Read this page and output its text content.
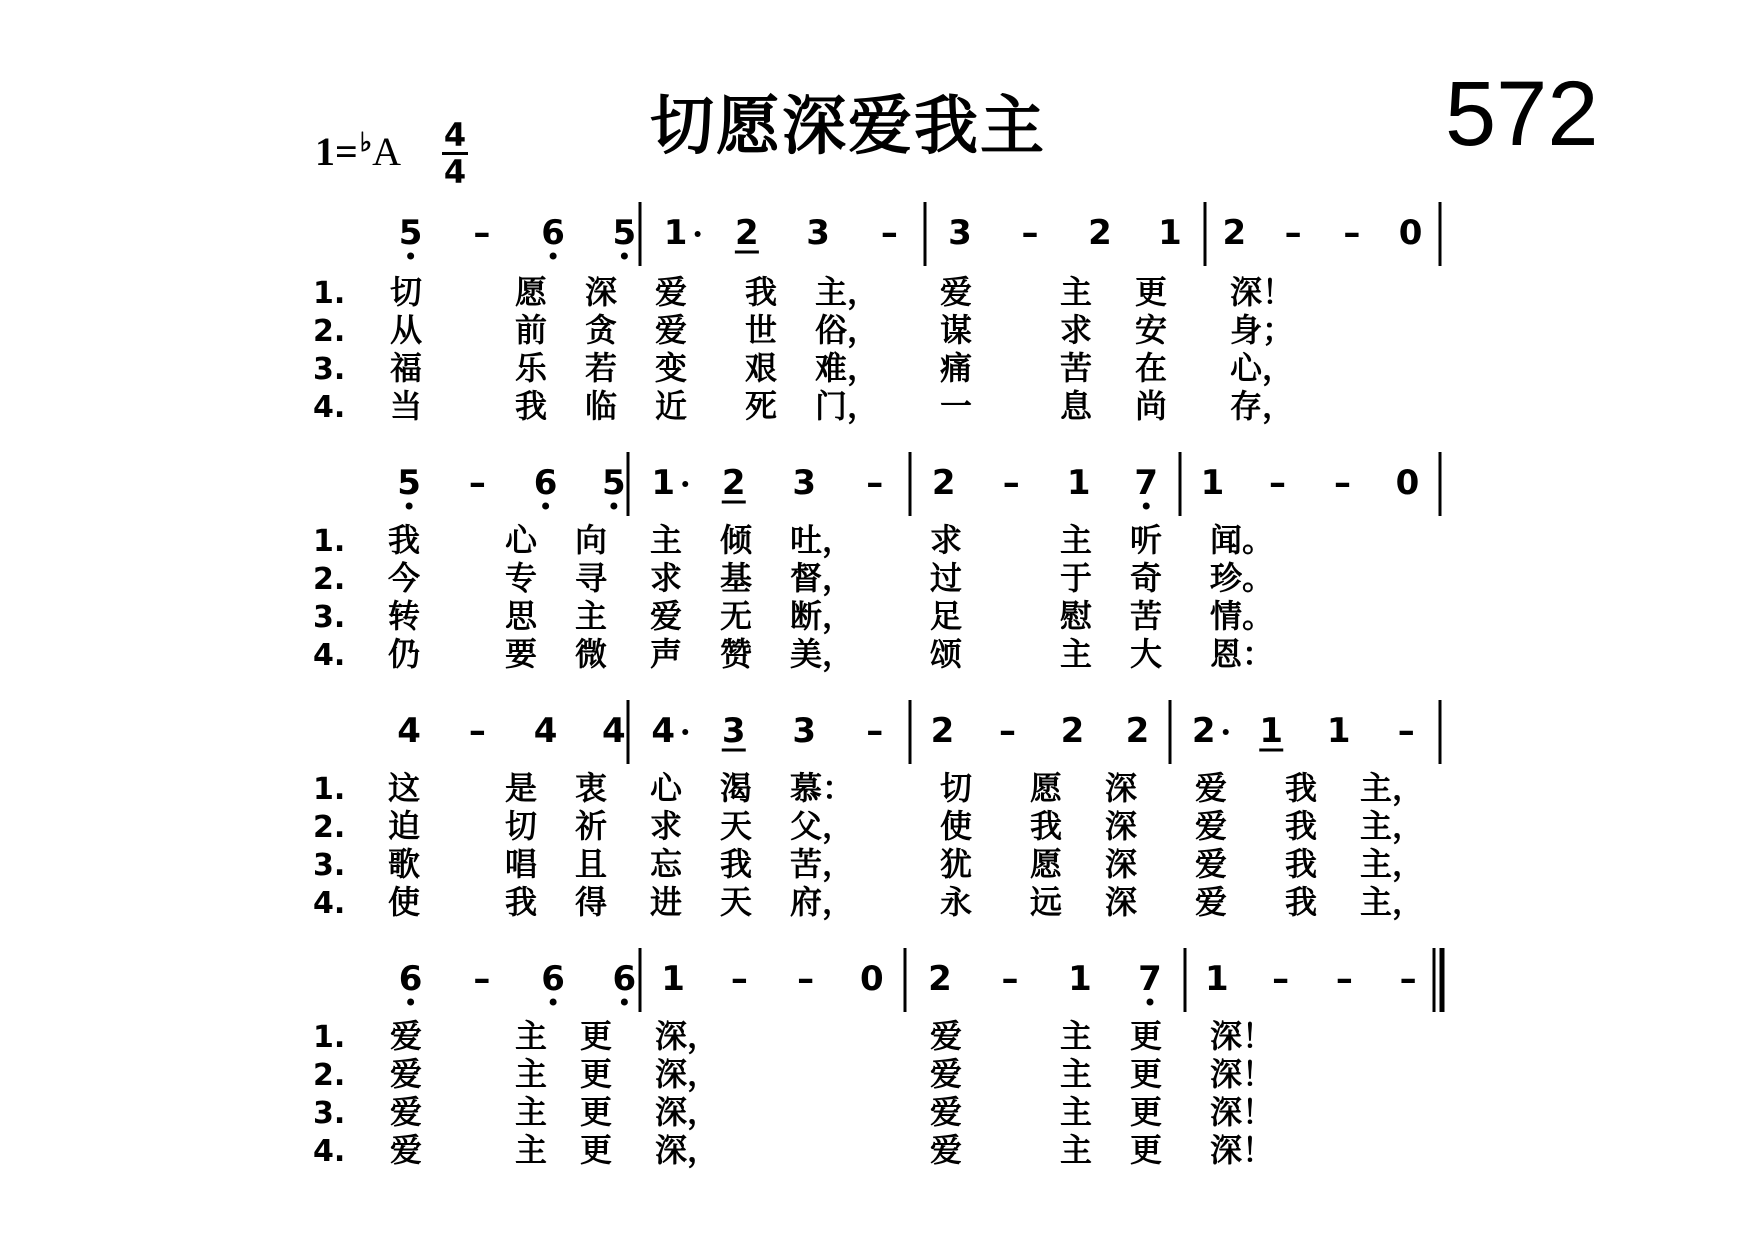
切愿深爱我主	572
1=♭A 4
4
5 – 6 5 1 2 3 – 3 – 2 1 2 – – 0
1. 切	愿 深 爱 我 主， 爱	主 更 深！
2. 从	前 贪 爱 世 俗， 谋	求 安 身；
3. 福	乐 若 变 艰 难， 痛	苦 在 心，
4. 当	我 临 近 死 门， 一	息 尚 存，
5 – 6 5 1 2 3 – 2 – 1 7 1 – – 0
1. 我	心 向 主 倾 吐， 求	主 听 闻。
2. 今	专 寻 求 基 督， 过	于 奇 珍。
3. 转	思 主 爱 无 断， 足	慰 苦 情。
4. 仍	要 微 声 赞 美， 颂	主 大 恩：
4 – 4 4 4 3 3 – 2 – 2 2 2 1 1 –
1. 这	是 衷 心 渴 慕：	切 愿 深 爱 我 主，
2. 迫	切 祈 求 天 父，	使 我 深 爱 我 主，
3. 歌	唱 且 忘 我 苦，	犹 愿 深 爱 我 主，
4. 使	我 得 进 天 府，	永 远 深 爱 我 主，
6 – 6 6 1 – – 0 2 – 1 7 1 – – –
1. 爱	主 更 深，	爱	主 更 深！
2. 爱	主 更 深，	爱	主 更 深！
3. 爱	主 更 深，	爱	主 更 深！
4. 爱	主 更 深，	爱	主 更 深！
